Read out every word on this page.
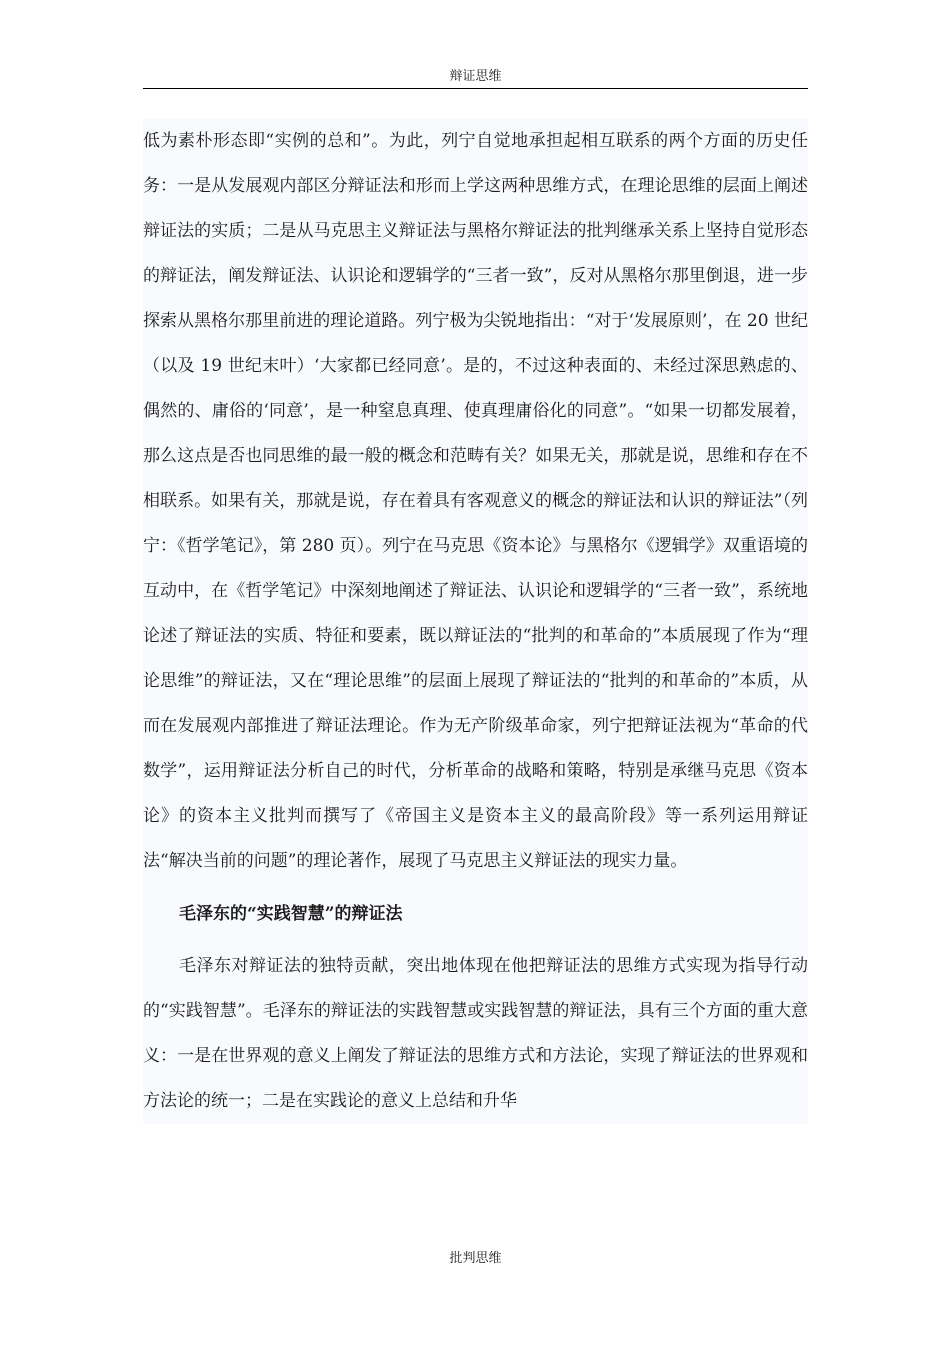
辩证思维

低为素朴形态即“实例的总和”。为此，列宁自觉地承担起相互联系的两个方面的历史任务：一是从发展观内部区分辩证法和形而上学这两种思维方式，在理论思维的层面上阐述辩证法的实质；二是从马克思主义辩证法与黑格尔辩证法的批判继承关系上坚持自觉形态的辩证法，阐发辩证法、认识论和逻辑学的“三者一致”，反对从黑格尔那里倒退，进一步探索从黑格尔那里前进的理论道路。列宁极为尖锐地指出：“对于‘发展原则’，在 20 世纪（以及 19 世纪末叶）‘大家都已经同意’。是的，不过这种表面的、未经过深思熟虑的、偶然的、庸俗的‘同意’，是一种窒息真理、使真理庸俗化的同意”。“如果一切都发展着，那么这点是否也同思维的最一般的概念和范畴有关？如果无关，那就是说，思维和存在不相联系。如果有关，那就是说，存在着具有客观意义的概念的辩证法和认识的辩证法”（列宁：《哲学笔记》，第 280 页）。列宁在马克思《资本论》与黑格尔《逻辑学》双重语境的互动中，在《哲学笔记》中深刻地阐述了辩证法、认识论和逻辑学的“三者一致”，系统地论述了辩证法的实质、特征和要素，既以辩证法的“批判的和革命的”本质展现了作为“理论思维”的辩证法，又在“理论思维”的层面上展现了辩证法的“批判的和革命的”本质，从而在发展观内部推进了辩证法理论。作为无产阶级革命家，列宁把辩证法视为“革命的代数学”，运用辩证法分析自己的时代，分析革命的战略和策略，特别是承继马克思《资本论》的资本主义批判而撰写了《帝国主义是资本主义的最高阶段》等一系列运用辩证法“解决当前的问题”的理论著作，展现了马克思主义辩证法的现实力量。

毛泽东的“实践智慧”的辩证法

毛泽东对辩证法的独特贡献，突出地体现在他把辩证法的思维方式实现为指导行动的“实践智慧”。毛泽东的辩证法的实践智慧或实践智慧的辩证法，具有三个方面的重大意义：一是在世界观的意义上阐发了辩证法的思维方式和方法论，实现了辩证法的世界观和方法论的统一；二是在实践论的意义上总结和升华

批判思维
